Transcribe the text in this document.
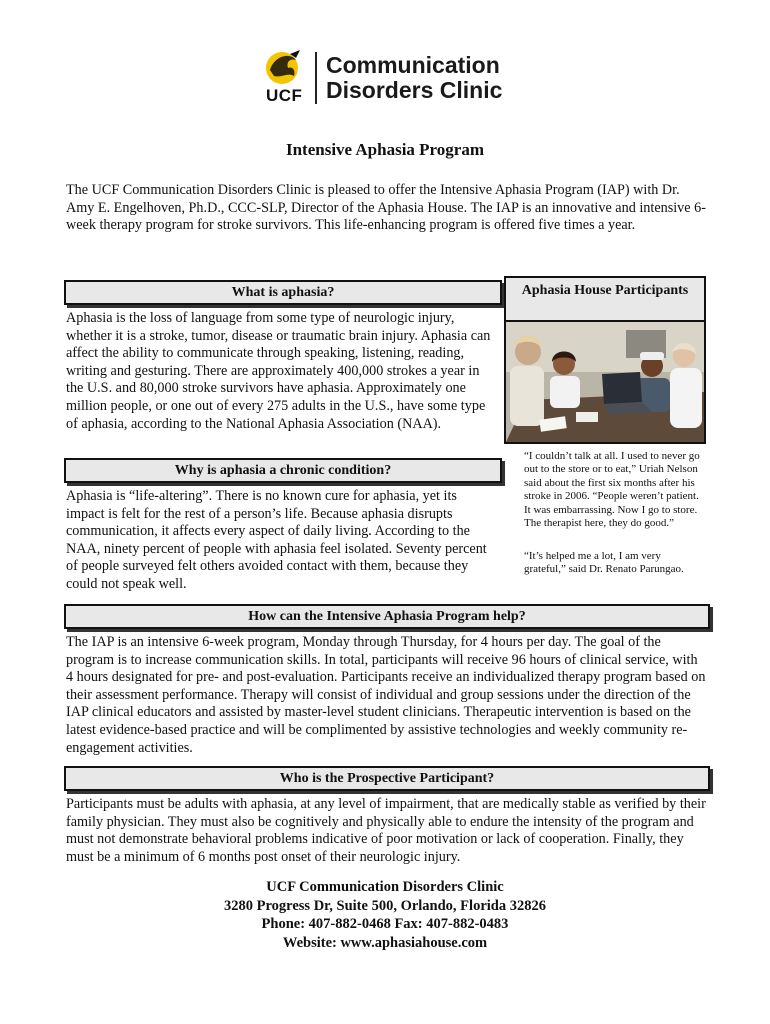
UCF
Communication
Disorders Clinic
Intensive Aphasia Program

The UCF Communication Disorders Clinic is pleased to offer the Intensive Aphasia Program (IAP) with Dr. Amy E. Engelhoven, Ph.D., CCC-SLP, Director of the Aphasia House. The IAP is an innovative and intensive 6-week therapy program for stroke survivors. This life-enhancing program is offered five times a year.

What is aphasia?

Aphasia is the loss of language from some type of neurologic injury, whether it is a stroke, tumor, disease or traumatic brain injury. Aphasia can affect the ability to communicate through speaking, listening, reading, writing and gesturing. There are approximately 400,000 strokes a year in the U.S. and 80,000 stroke survivors have aphasia. Approximately one million people, or one out of every 275 adults in the U.S., have some type of aphasia, according to the National Aphasia Association (NAA).

Why is aphasia a chronic condition?

Aphasia is “life-altering”. There is no known cure for aphasia, yet its impact is felt for the rest of a person’s life. Because aphasia disrupts communication, it affects every aspect of daily living. According to the NAA, ninety percent of people with aphasia feel isolated. Seventy percent of people surveyed felt others avoided contact with them, because they could not speak well.

Aphasia House Participants

“I couldn’t talk at all. I used to never go out to the store or to eat,” Uriah Nelson said about the first six months after his stroke in 2006. “People weren’t patient. It was embarrassing. Now I go to store. The therapist here, they do good.”

“It’s helped me a lot, I am very grateful,” said Dr. Renato Parungao.

How can the Intensive Aphasia Program help?

The IAP is an intensive 6-week program, Monday through Thursday, for 4 hours per day. The goal of the program is to increase communication skills. In total, participants will receive 96 hours of clinical service, with 4 hours designated for pre- and post-evaluation. Participants receive an individualized therapy program based on their assessment performance. Therapy will consist of individual and group sessions under the direction of the IAP clinical educators and assisted by master-level student clinicians. Therapeutic intervention is based on the latest evidence-based practice and will be complimented by assistive technologies and weekly community re-engagement activities.

Who is the Prospective Participant?

Participants must be adults with aphasia, at any level of impairment, that are medically stable as verified by their family physician. They must also be cognitively and physically able to endure the intensity of the program and must not demonstrate behavioral problems indicative of poor motivation or lack of cooperation. Finally, they must be a minimum of 6 months post onset of their neurologic injury.

UCF Communication Disorders Clinic
3280 Progress Dr, Suite 500, Orlando, Florida 32826
Phone: 407-882-0468 Fax: 407-882-0483
Website: www.aphasiahouse.com
